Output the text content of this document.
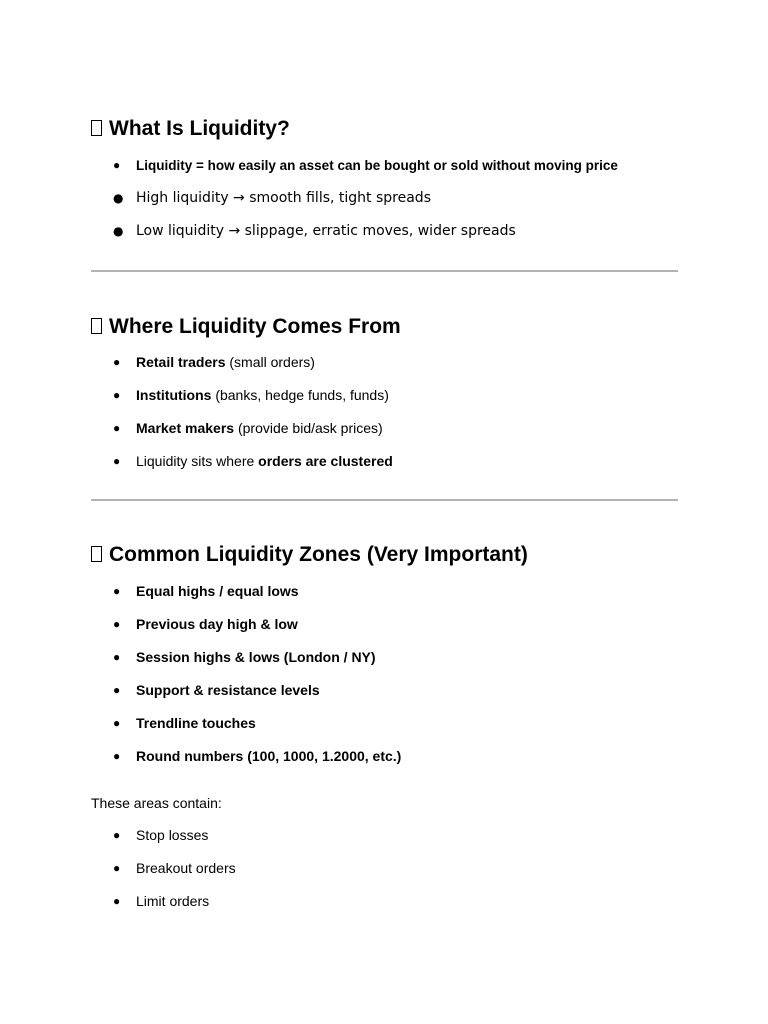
What Is Liquidity?
● Liquidity = how easily an asset can be bought or sold without moving price
● High liquidity → smooth fills, tight spreads
● Low liquidity → slippage, erratic moves, wider spreads
Where Liquidity Comes From
● Retail traders (small orders)
● Institutions (banks, hedge funds, funds)
● Market makers (provide bid/ask prices)
● Liquidity sits where orders are clustered
Common Liquidity Zones (Very Important)
● Equal highs / equal lows
● Previous day high & low
● Session highs & lows (London / NY)
● Support & resistance levels
● Trendline touches
● Round numbers (100, 1000, 1.2000, etc.)
These areas contain:
● Stop losses
● Breakout orders
● Limit orders
